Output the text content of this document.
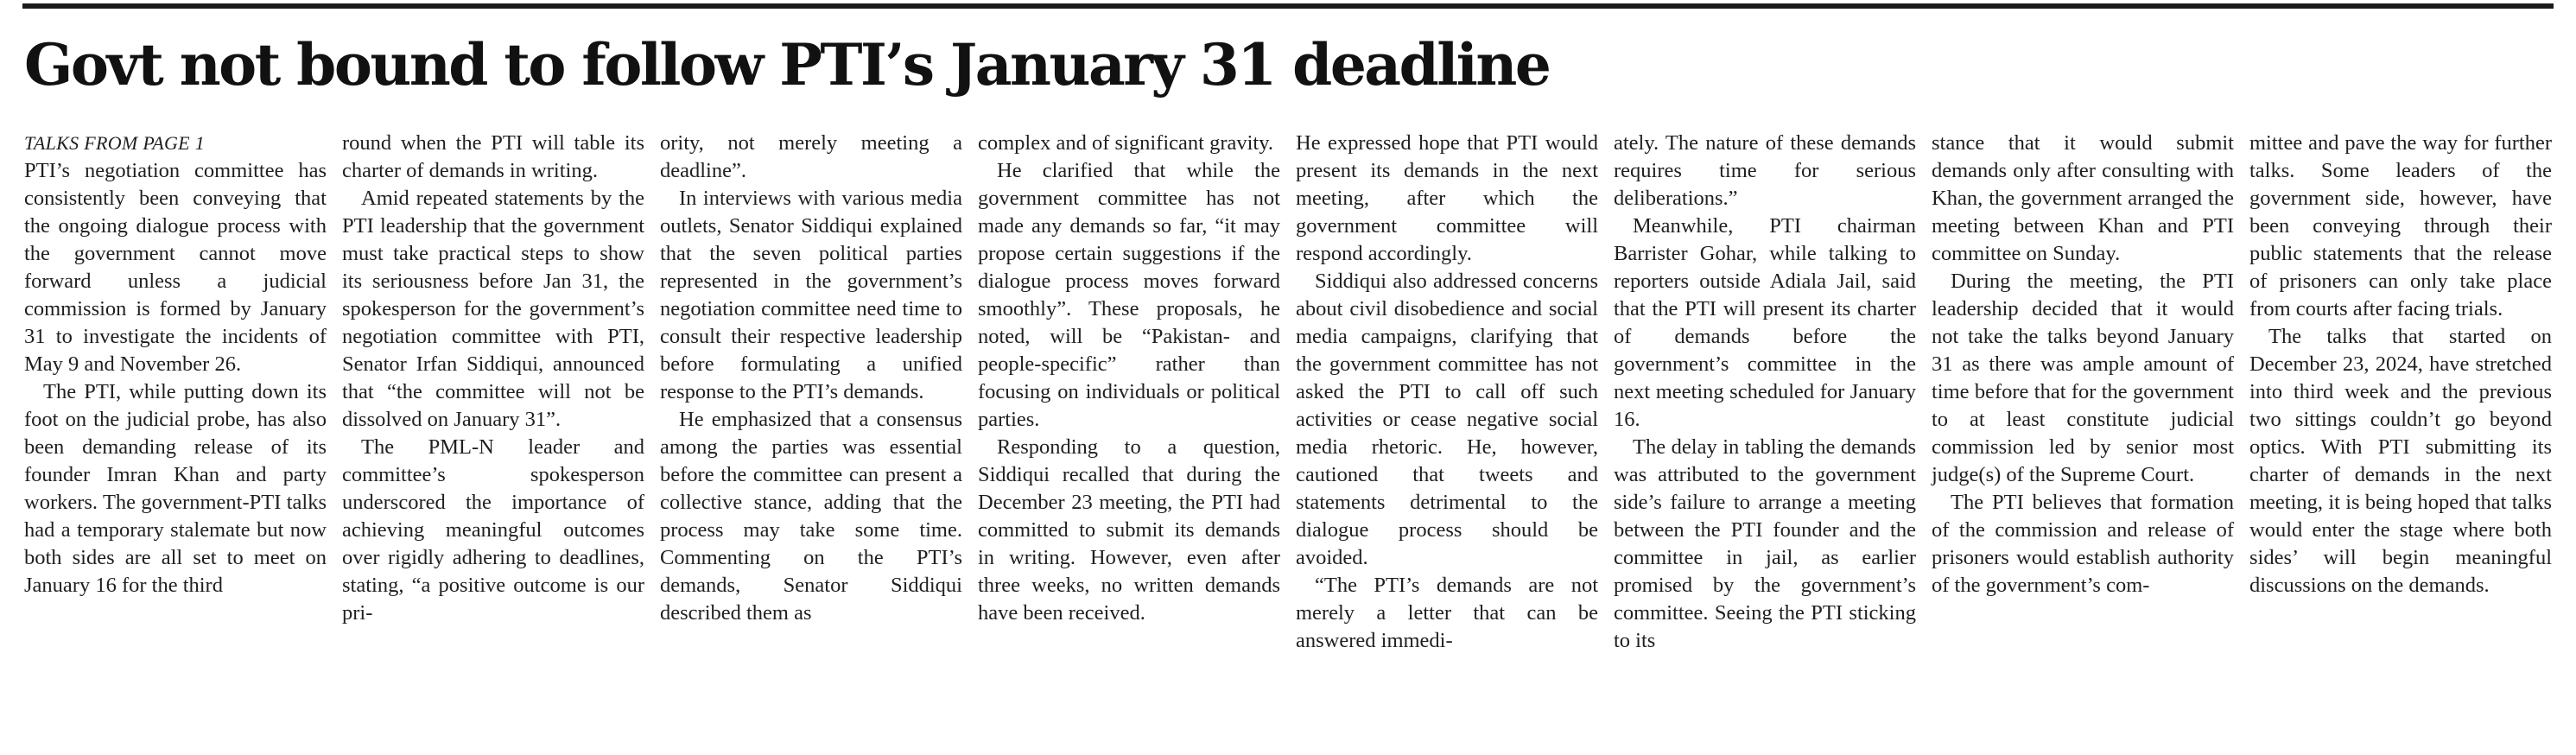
Govt not bound to follow PTI’s January 31 deadline
TALKS FROM PAGE 1

PTI’s negotiation committee has consistently been conveying that the ongoing dialogue process with the government cannot move forward unless a judicial commission is formed by January 31 to investigate the incidents of May 9 and November 26.

The PTI, while putting down its foot on the judicial probe, has also been demanding release of its founder Imran Khan and party workers. The government-PTI talks had a temporary stalemate but now both sides are all set to meet on January 16 for the third

round when the PTI will table its charter of demands in writing.

Amid repeated statements by the PTI leadership that the government must take practical steps to show its seriousness before Jan 31, the spokesperson for the government’s negotiation committee with PTI, Senator Irfan Siddiqui, announced that “the committee will not be dissolved on January 31”.

The PML-N leader and committee’s spokesperson underscored the importance of achieving meaningful outcomes over rigidly adhering to deadlines, stating, “a positive outcome is our pri-

ority, not merely meeting a deadline”.

In interviews with various media outlets, Senator Siddiqui explained that the seven political parties represented in the government’s negotiation committee need time to consult their respective leadership before formulating a unified response to the PTI’s demands.

He emphasized that a consensus among the parties was essential before the committee can present a collective stance, adding that the process may take some time. Commenting on the PTI’s demands, Senator Siddiqui described them as

complex and of significant gravity.

He clarified that while the government committee has not made any demands so far, “it may propose certain suggestions if the dialogue process moves forward smoothly”. These proposals, he noted, will be “Pakistan- and people-specific” rather than focusing on individuals or political parties.

Responding to a question, Siddiqui recalled that during the December 23 meeting, the PTI had committed to submit its demands in writing. However, even after three weeks, no written demands have been received.

He expressed hope that PTI would present its demands in the next meeting, after which the government committee will respond accordingly.

Siddiqui also addressed concerns about civil disobedience and social media campaigns, clarifying that the government committee has not asked the PTI to call off such activities or cease negative social media rhetoric. He, however, cautioned that tweets and statements detrimental to the dialogue process should be avoided.

“The PTI’s demands are not merely a letter that can be answered immedi-

ately. The nature of these demands requires time for serious deliberations.”

Meanwhile, PTI chairman Barrister Gohar, while talking to reporters outside Adiala Jail, said that the PTI will present its charter of demands before the government’s committee in the next meeting scheduled for January 16.

The delay in tabling the demands was attributed to the government side’s failure to arrange a meeting between the PTI founder and the committee in jail, as earlier promised by the government’s committee. Seeing the PTI sticking to its

stance that it would submit demands only after consulting with Khan, the government arranged the meeting between Khan and PTI committee on Sunday.

During the meeting, the PTI leadership decided that it would not take the talks beyond January 31 as there was ample amount of time before that for the government to at least constitute judicial commission led by senior most judge(s) of the Supreme Court.

The PTI believes that formation of the commission and release of prisoners would establish authority of the government’s com-

mittee and pave the way for further talks. Some leaders of the government side, however, have been conveying through their public statements that the release of prisoners can only take place from courts after facing trials.

The talks that started on December 23, 2024, have stretched into third week and the previous two sittings couldn’t go beyond optics. With PTI submitting its charter of demands in the next meeting, it is being hoped that talks would enter the stage where both sides’ will begin meaningful discussions on the demands.
